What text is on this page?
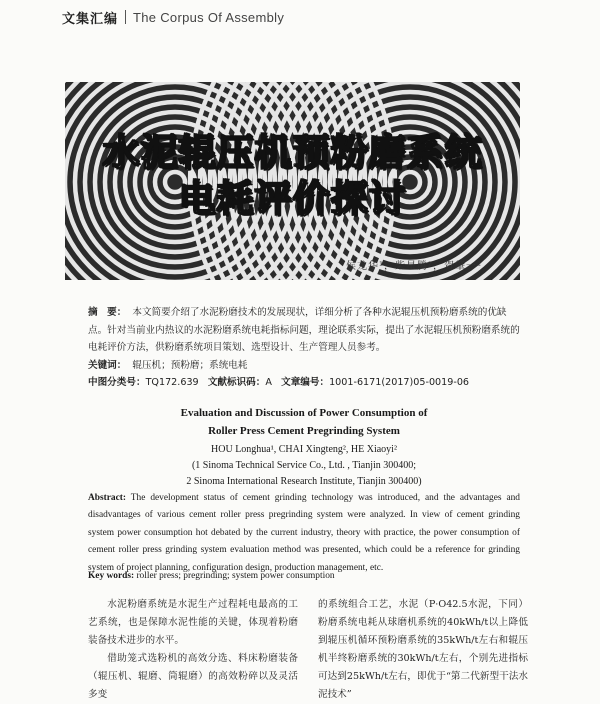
文集汇编 The Corpus Of Assembly
水泥辊压机预粉磨系统
电耗评价探讨
侯龙华¹，柴星腾²，贺肇一²
摘　要： 本文简要介绍了水泥粉磨技术的发展现状，详细分析了各种水泥辊压机预粉磨系统的优缺点。针对当前业内热议的水泥粉磨系统电耗指标问题，理论联系实际，提出了水泥辊压机预粉磨系统的电耗评价方法，供粉磨系统项目策划、选型设计、生产管理人员参考。
关键词： 辊压机；预粉磨；系统电耗
中图分类号：TQ172.639 文献标识码：A 文章编号：1001-6171(2017)05-0019-06
Evaluation and Discussion of Power Consumption of
Roller Press Cement Pregrinding System
HOU Longhua¹, CHAI Xingteng², HE Xiaoyi²
(1 Sinoma Technical Service Co., Ltd. , Tianjin 300400;
2 Sinoma International Research Institute, Tianjin 300400)
Abstract: The development status of cement grinding technology was introduced, and the advantages and disadvantages of various cement roller press pregrinding system were analyzed. In view of cement grinding system power consumption hot debated by the current industry, theory with practice, the power consumption of cement roller press grinding system evaluation method was presented, which could be a reference for grinding system of project planning, configuration design, production management, etc.
Key words: roller press; pregrinding; system power consumption

水泥粉磨系统是水泥生产过程耗电最高的工艺系统，也是保障水泥性能的关键，体现着粉磨装备技术进步的水平。

借助笼式选粉机的高效分选、料床粉磨装备（辊压机、辊磨、筒辊磨）的高效粉碎以及灵活多变

的系统组合工艺，水泥（P·O42.5水泥，下同）粉磨系统电耗从球磨机系统的40kWh/t以上降低到辊压机循环预粉磨系统的35kWh/t左右和辊压机半终粉磨系统的30kWh/t左右，个别先进指标可达到25kWh/t左右，即优于“第二代新型干法水泥技术”
